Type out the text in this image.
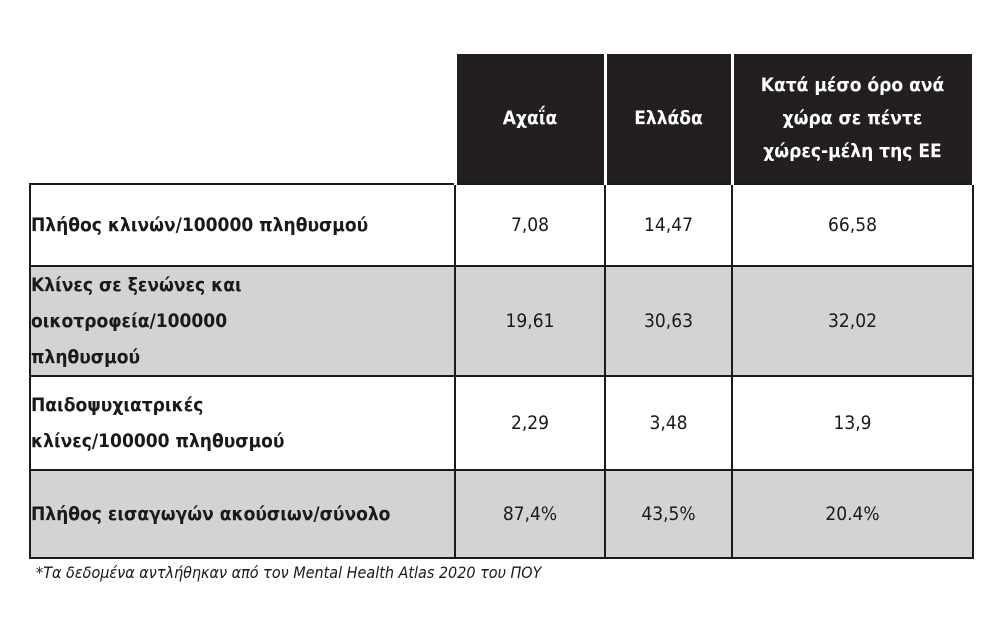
	Αχαΐα	Ελλάδα	Κατά μέσο όρο ανά χώρα σε πέντε χώρες-μέλη της ΕΕ
Πλήθος κλινών/100000 πληθυσμού	7,08	14,47	66,58
Κλίνες σε ξενώνες και οικοτροφεία/100000 πληθυσμού	19,61	30,63	32,02
Παιδοψυχιατρικές κλίνες/100000 πληθυσμού	2,29	3,48	13,9
Πλήθος εισαγωγών ακούσιων/σύνολο	87,4%	43,5%	20.4%
*Τα δεδομένα αντλήθηκαν από τον Mental Health Atlas 2020 του ΠΟΥ
